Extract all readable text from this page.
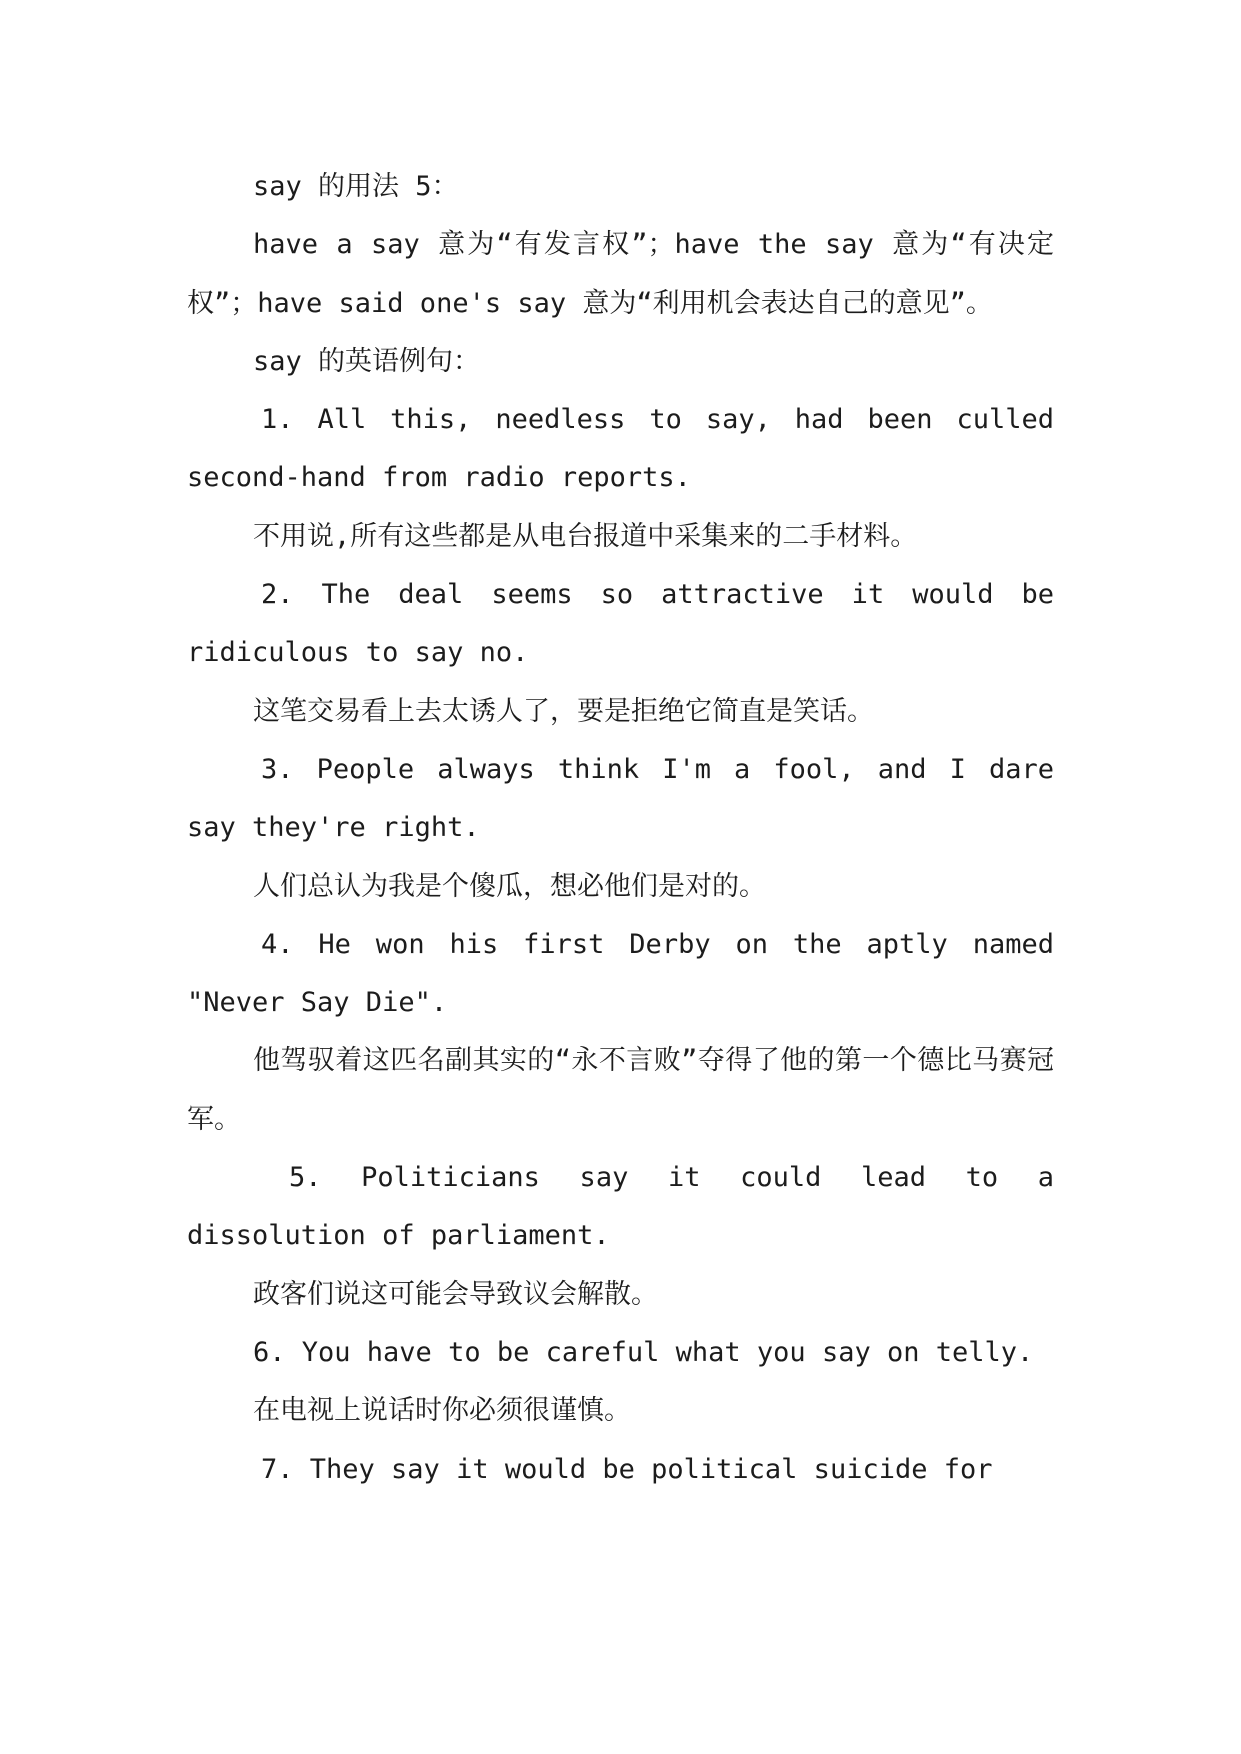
say 的用法 5：

have a say 意为“有发言权”；have the say 意为“有决定权”；have said one's say 意为“利用机会表达自己的意见”。

say 的英语例句：

1. All this, needless to say, had been culled second-hand from radio reports.

不用说,所有这些都是从电台报道中采集来的二手材料。

2. The deal seems so attractive it would be ridiculous to say no.

这笔交易看上去太诱人了，要是拒绝它简直是笑话。

3. People always think I'm a fool, and I dare say they're right.

人们总认为我是个傻瓜，想必他们是对的。

4. He won his first Derby on the aptly named "Never Say Die".

他驾驭着这匹名副其实的“永不言败”夺得了他的第一个德比马赛冠军。

5. Politicians say it could lead to a dissolution of parliament.

政客们说这可能会导致议会解散。

6. You have to be careful what you say on telly.

在电视上说话时你必须很谨慎。

7. They say it would be political suicide for
